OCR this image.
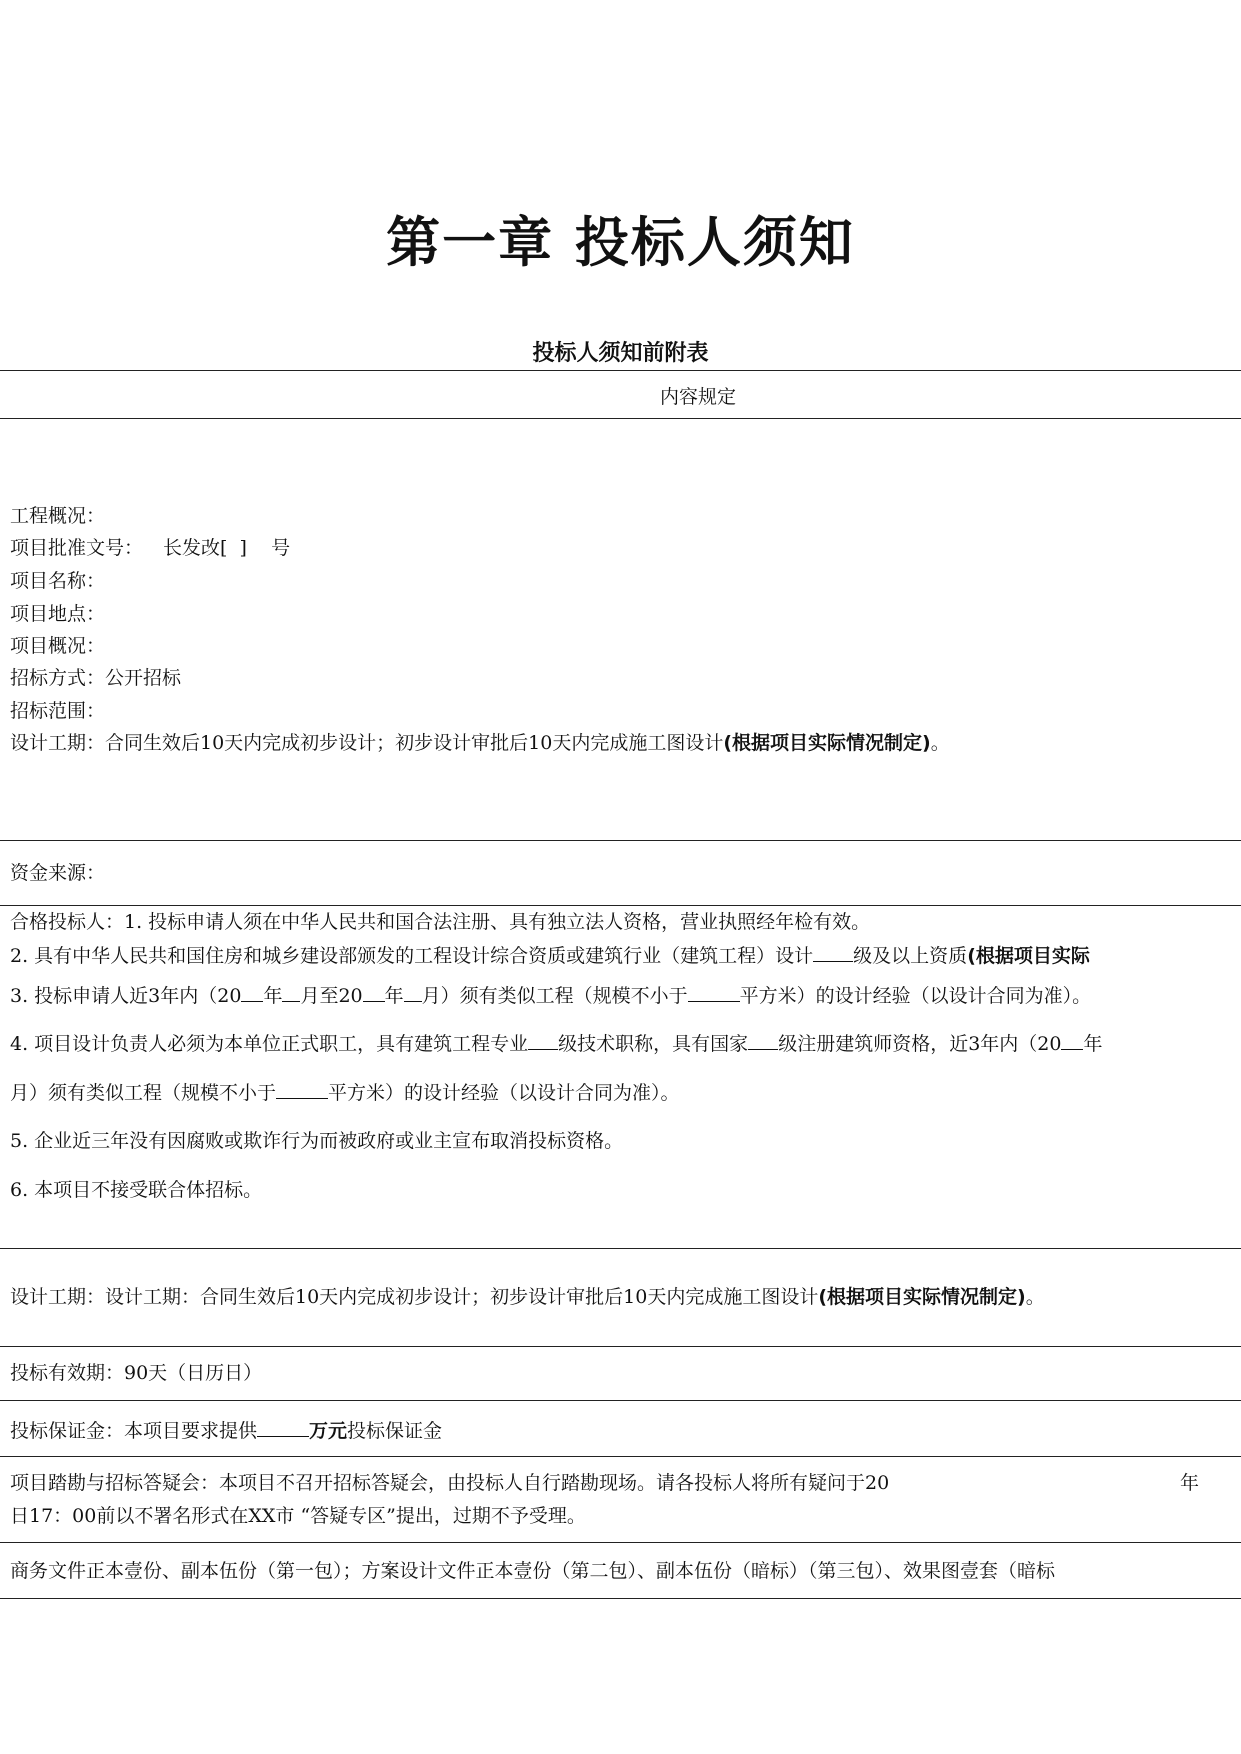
第一章 投标人须知
投标人须知前附表
内容规定
工程概况：
项目批准文号： 长发改[  ]    号
项目名称：
项目地点：
项目概况：
招标方式：公开招标
招标范围：
设计工期：合同生效后10天内完成初步设计；初步设计审批后10天内完成施工图设计(根据项目实际情况制定)。
资金来源：
合格投标人：1. 投标申请人须在中华人民共和国合法注册、具有独立法人资格，营业执照经年检有效。
2. 具有中华人民共和国住房和城乡建设部颁发的工程设计综合资质或建筑行业（建筑工程）设计 级及以上资质(根据项目实际
3. 投标申请人近3年内（20 年 月至20 年 月）须有类似工程（规模不小于	平方米）的设计经验（以设计合同为准）。
4. 项目设计负责人必须为本单位正式职工，具有建筑工程专业 级技术职称，具有国家 级注册建筑师资格，近3年内（20 年
月）须有类似工程（规模不小于	平方米）的设计经验（以设计合同为准）。
5. 企业近三年没有因腐败或欺诈行为而被政府或业主宣布取消投标资格。
6. 本项目不接受联合体招标。
设计工期：设计工期：合同生效后10天内完成初步设计；初步设计审批后10天内完成施工图设计(根据项目实际情况制定)。
投标有效期：90天（日历日）
投标保证金：本项目要求提供	万元投标保证金
项目踏勘与招标答疑会：本项目不召开招标答疑会，由投标人自行踏勘现场。请各投标人将所有疑问于20	年
日17：00前以不署名形式在XX市 “答疑专区”提出，过期不予受理。
商务文件正本壹份、副本伍份（第一包）；方案设计文件正本壹份（第二包）、副本伍份（暗标）（第三包）、效果图壹套（暗标
